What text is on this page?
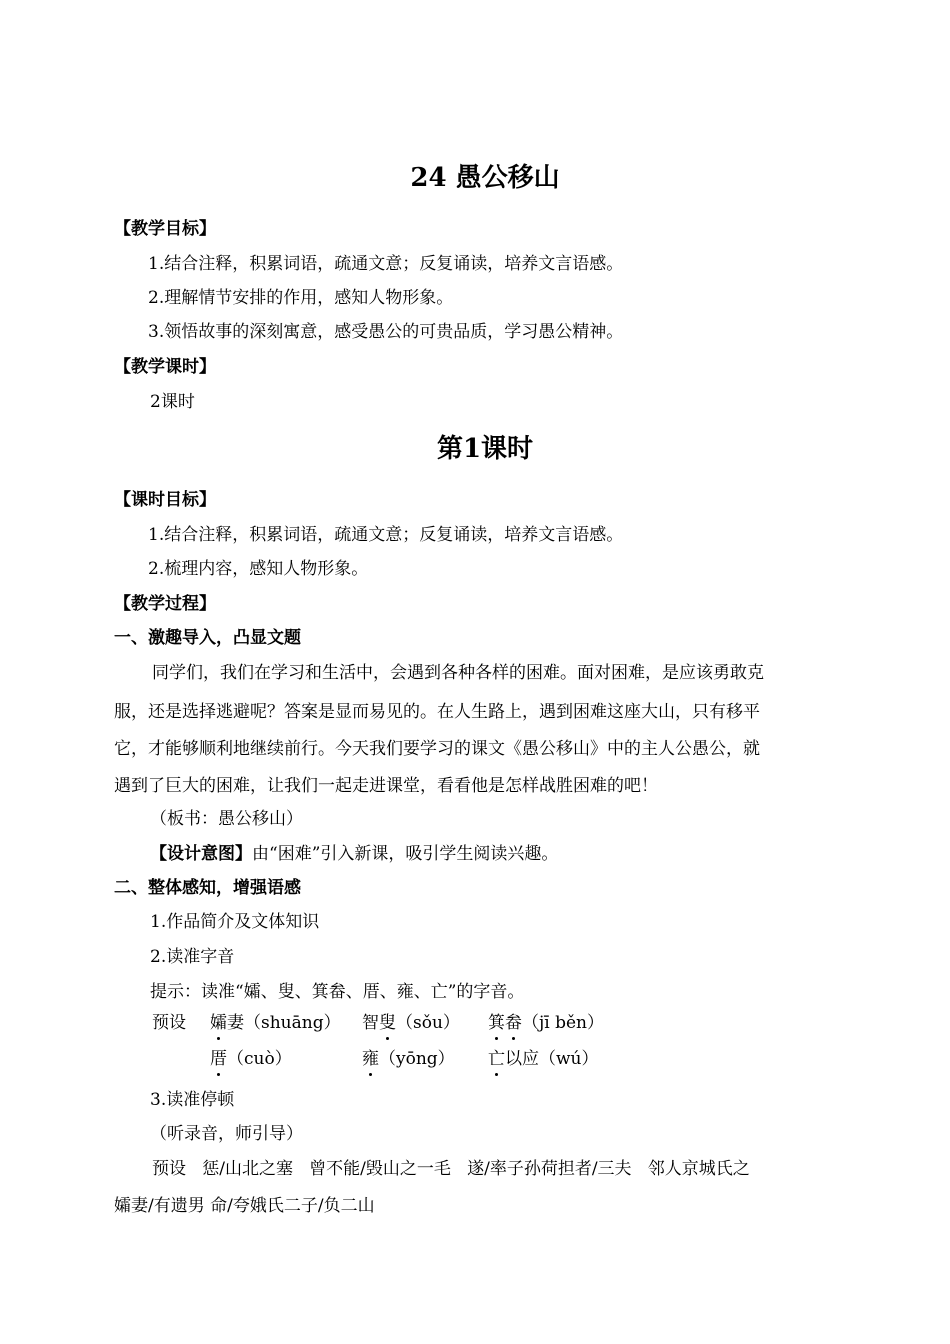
24 愚公移山
【教学目标】
1.结合注释，积累词语，疏通文意；反复诵读，培养文言语感。
2.理解情节安排的作用，感知人物形象。
3.领悟故事的深刻寓意，感受愚公的可贵品质，学习愚公精神。
【教学课时】
2课时
第1课时
【课时目标】
1.结合注释，积累词语，疏通文意；反复诵读，培养文言语感。
2.梳理内容，感知人物形象。
【教学过程】
一、激趣导入，凸显文题
同学们，我们在学习和生活中，会遇到各种各样的困难。面对困难，是应该勇敢克
服，还是选择逃避呢？答案是显而易见的。在人生路上，遇到困难这座大山，只有移平
它，才能够顺利地继续前行。今天我们要学习的课文《愚公移山》中的主人公愚公，就
遇到了巨大的困难，让我们一起走进课堂，看看他是怎样战胜困难的吧！
（板书：愚公移山）
【设计意图】由“困难”引入新课，吸引学生阅读兴趣。
二、整体感知，增强语感
1.作品简介及文体知识
2.读准字音
提示：读准“孀、叟、箕畚、厝、雍、亡”的字音。
预设 孀妻（shuāng） 智叟（sǒu） 箕畚（jī běn）
厝（cuò）	雍（yōng） 亡以应（wú）
3.读准停顿
（听录音，师引导）
预设   惩/山北之塞   曾不能/毁山之一毛   遂/率子孙荷担者/三夫   邻人京城氏之
孀妻/有遗男 命/夸娥氏二子/负二山
